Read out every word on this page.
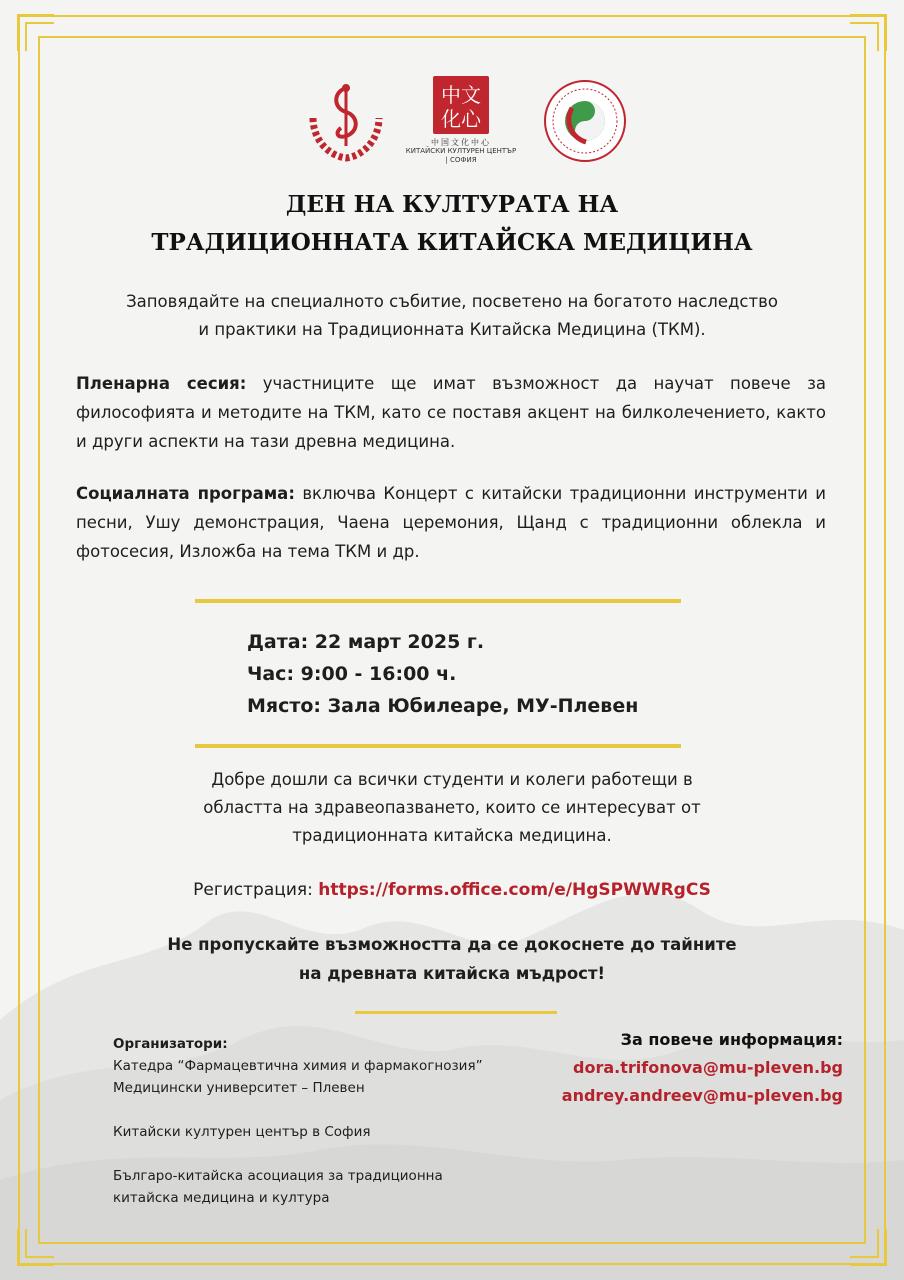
中文
化心
中国文化中心
КИТАЙСКИ КУЛТУРЕН ЦЕНТЪР | СОФИЯ
ДЕН НА КУЛТУРАТА НА
ТРАДИЦИОННАТА КИТАЙСКА МЕДИЦИНА
Заповядайте на специалното събитие, посветено на богатото наследство
и практики на Традиционната Китайска Медицина (ТКМ).
Пленарна сесия: участниците ще имат възможност да научат повече за философията и методите на ТКМ, като се поставя акцент на билколечението, както и други аспекти на тази древна медицина.
Социалната програма: включва Концерт с китайски традиционни инструменти и песни, Ушу демонстрация, Чаена церемония, Щанд с традиционни облекла и фотосесия, Изложба на тема ТКМ и др.
Дата: 22 март 2025 г.
Час: 9:00 - 16:00 ч.
Място: Зала Юбилеаре, МУ-Плевен
Добре дошли са всички студенти и колеги работещи в
областта на здравеопазването, които се интересуват от
традиционната китайска медицина.
Регистрация: https://forms.office.com/e/HgSPWWRgCS
Не пропускайте възможността да се докоснете до тайните
на древната китайска мъдрост!
Организатори:
Катедра “Фармацевтична химия и фармакогнозия”
Медицински университет – Плевен
Китайски културен център в София
Българо-китайска асоциация за традиционна
китайска медицина и култура
За повече информация:
dora.trifonova@mu-pleven.bg
andrey.andreev@mu-pleven.bg
